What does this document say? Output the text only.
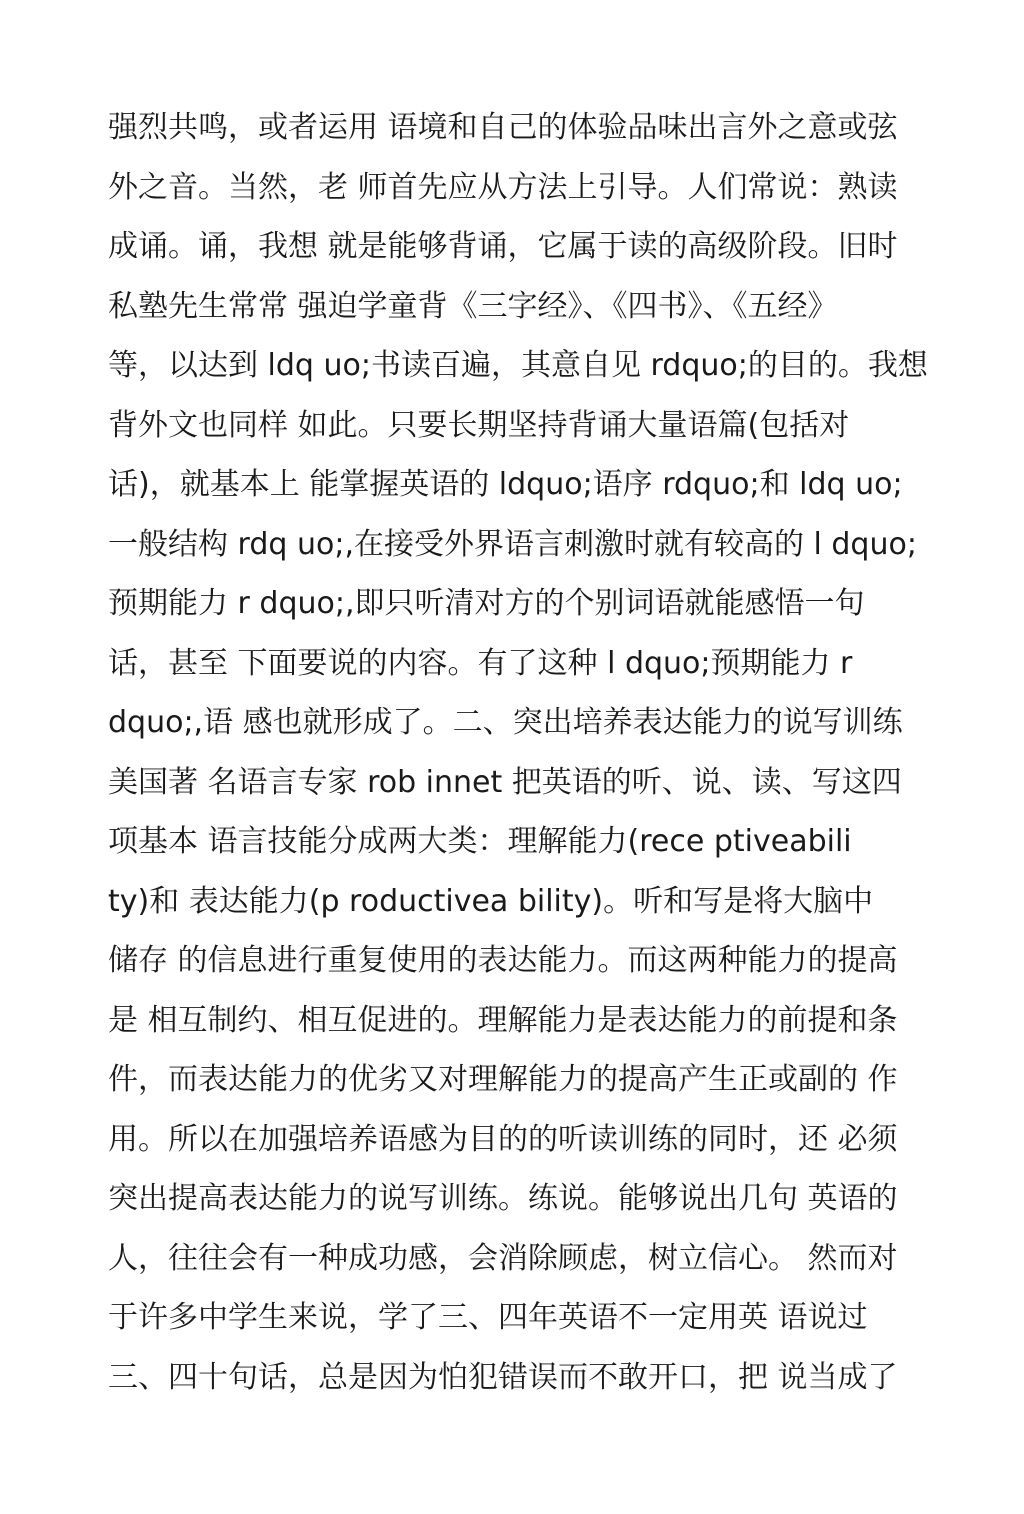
强烈共鸣，或者运用 语境和自己的体验品味出言外之意或弦
外之音。当然，老 师首先应从方法上引导。人们常说：熟读
成诵。诵，我想 就是能够背诵，它属于读的高级阶段。旧时
私塾先生常常 强迫学童背《三字经》、《四书》、《五经》
等，以达到 ldq uo;书读百遍，其意自见 rdquo;的目的。我想
背外文也同样 如此。只要长期坚持背诵大量语篇(包括对
话)，就基本上 能掌握英语的 ldquo;语序 rdquo;和 ldq uo;
一般结构 rdq uo;,在接受外界语言刺激时就有较高的 l dquo;
预期能力 r dquo;,即只听清对方的个别词语就能感悟一句
话，甚至 下面要说的内容。有了这种 l dquo;预期能力 r
dquo;,语 感也就形成了。二、突出培养表达能力的说写训练
美国著 名语言专家 rob innet 把英语的听、说、读、写这四
项基本 语言技能分成两大类：理解能力(rece ptiveabili
ty)和 表达能力(p roductivea bility)。听和写是将大脑中
储存 的信息进行重复使用的表达能力。而这两种能力的提高
是 相互制约、相互促进的。理解能力是表达能力的前提和条
件，而表达能力的优劣又对理解能力的提高产生正或副的 作
用。所以在加强培养语感为目的的听读训练的同时，还 必须
突出提高表达能力的说写训练。练说。能够说出几句 英语的
人，往往会有一种成功感，会消除顾虑，树立信心。 然而对
于许多中学生来说，学了三、四年英语不一定用英 语说过
三、四十句话，总是因为怕犯错误而不敢开口，把 说当成了
